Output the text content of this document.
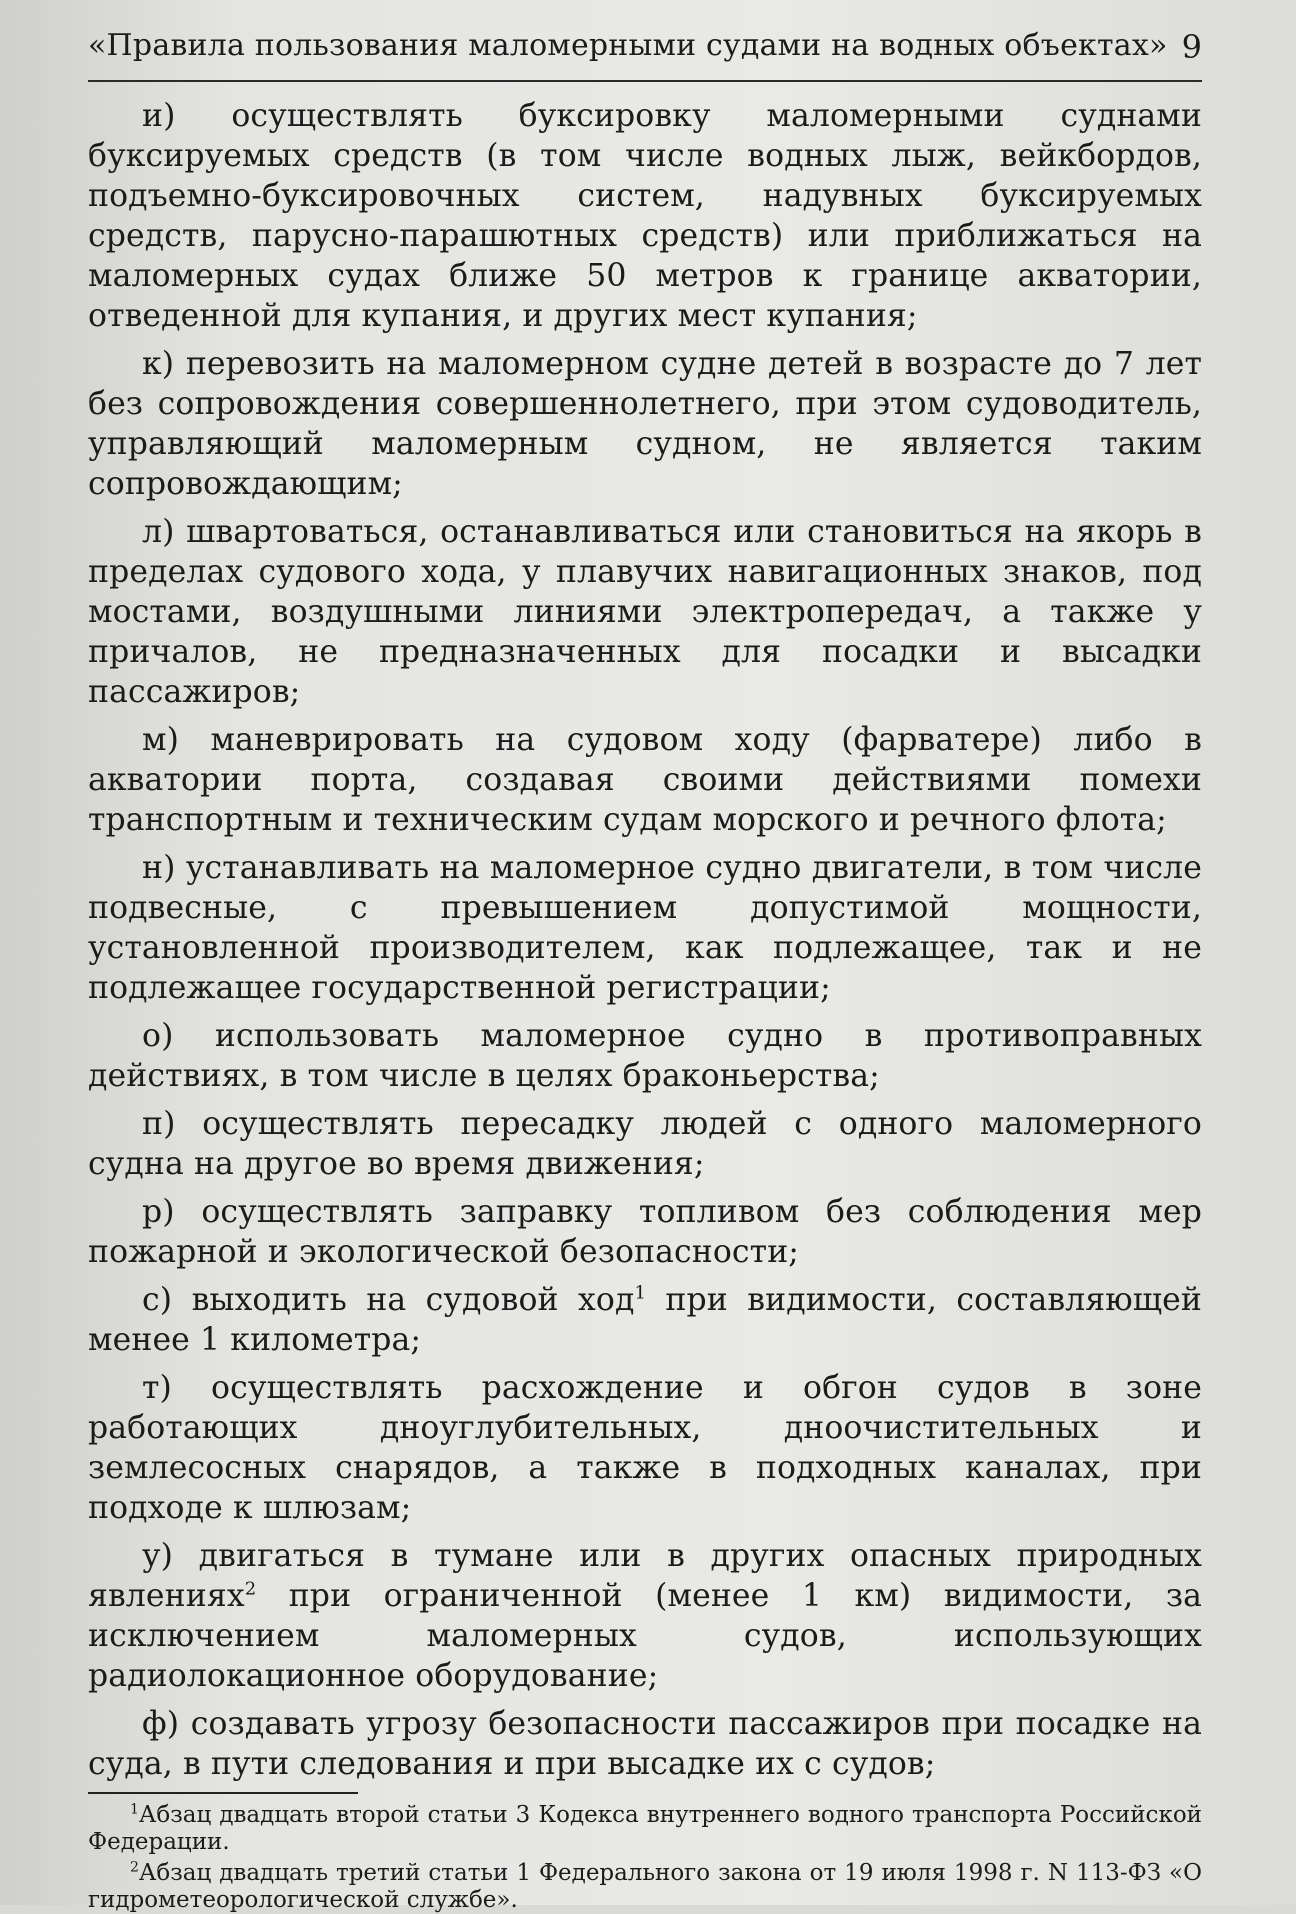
«Правила пользования маломерными судами на водных объектах» 9

и) осуществлять буксировку маломерными суднами буксируемых средств (в том числе водных лыж, вейкбордов, подъемно-буксировочных систем, надувных буксируемых средств, парусно-парашютных средств) или приближаться на маломерных судах ближе 50 метров к границе акватории, отведенной для купания, и других мест купания;

к) перевозить на маломерном судне детей в возрасте до 7 лет без сопровождения совершеннолетнего, при этом судоводитель, управляющий маломерным судном, не является таким сопровождающим;

л) швартоваться, останавливаться или становиться на якорь в пределах судового хода, у плавучих навигационных знаков, под мостами, воздушными линиями электропередач, а также у причалов, не предназначенных для посадки и высадки пассажиров;

м) маневрировать на судовом ходу (фарватере) либо в акватории порта, создавая своими действиями помехи транспортным и техническим судам морского и речного флота;

н) устанавливать на маломерное судно двигатели, в том числе подвесные, с превышением допустимой мощности, установленной производителем, как подлежащее, так и не подлежащее государственной регистрации;

о) использовать маломерное судно в противоправных действиях, в том числе в целях браконьерства;

п) осуществлять пересадку людей с одного маломерного судна на другое во время движения;

р) осуществлять заправку топливом без соблюдения мер пожарной и экологической безопасности;

с) выходить на судовой ход$^1$ при видимости, составляющей менее 1 километра;

т) осуществлять расхождение и обгон судов в зоне работающих дноуглубительных, дноочистительных и землесосных снарядов, а также в подходных каналах, при подходе к шлюзам;

у) двигаться в тумане или в других опасных природных явлениях$^2$ при ограниченной (менее 1 км) видимости, за исключением маломерных судов, использующих радиолокационное оборудование;

ф) создавать угрозу безопасности пассажиров при посадке на суда, в пути следования и при высадке их с судов;

$^1$Абзац двадцать второй статьи 3 Кодекса внутреннего водного транспорта Российской Федерации.

$^2$Абзац двадцать третий статьи 1 Федерального закона от 19 июля 1998 г. N 113-ФЗ «О гидрометеорологической службе».
